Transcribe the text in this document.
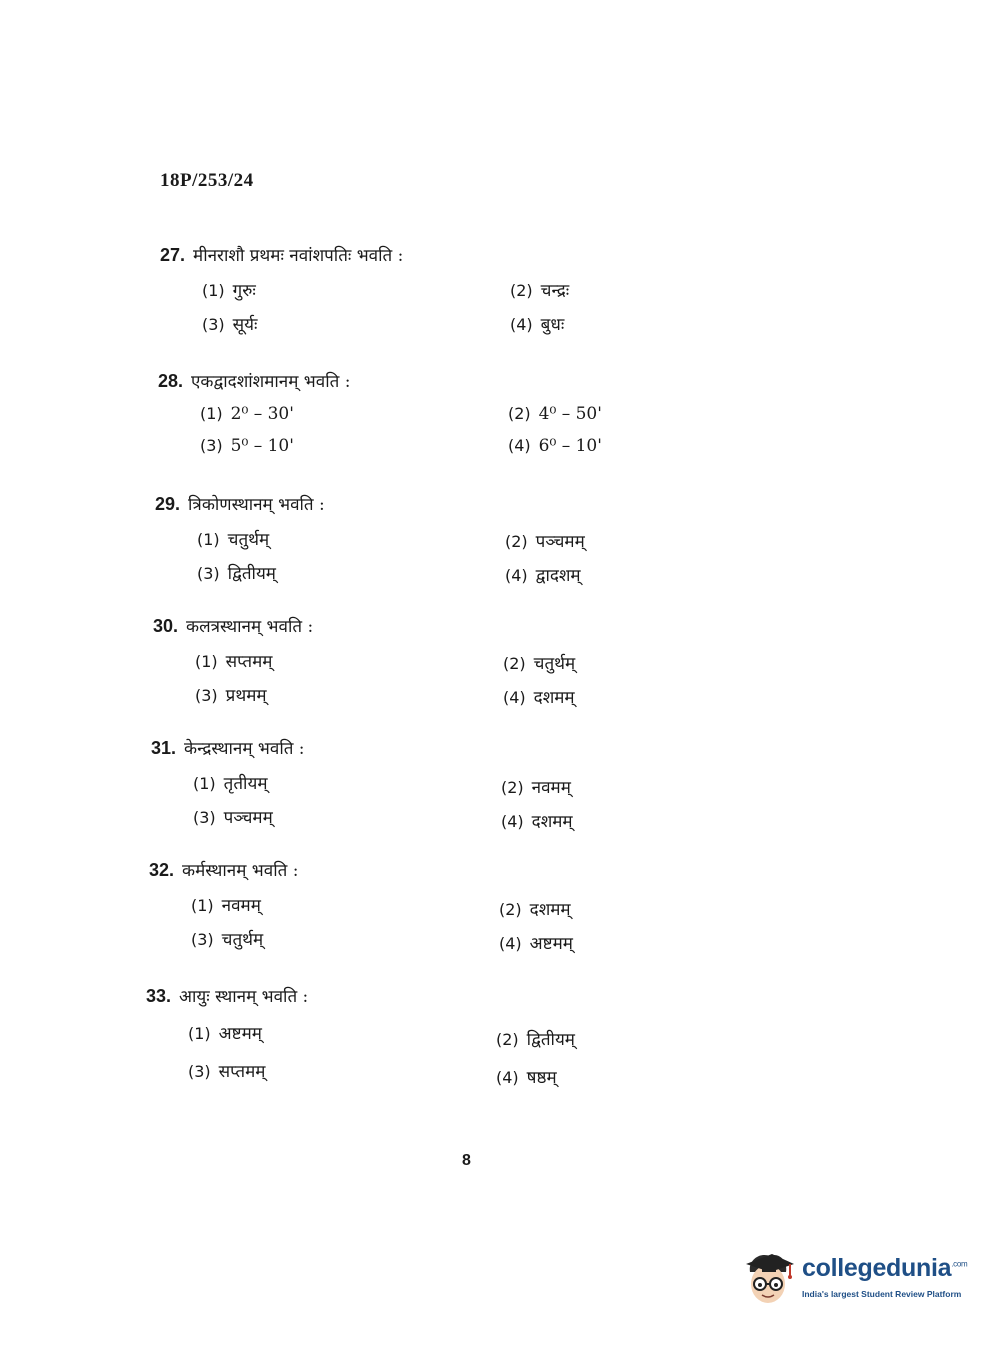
18P/253/24
27. मीनराशौ प्रथमः नवांशपतिः भवति :
(1) गुरुः	(2) चन्द्रः
(3) सूर्यः	(4) बुधः
28. एकद्वादशांशमानम् भवति :
(1) 2⁰ – 30'	(2) 4⁰ – 50'
(3) 5⁰ – 10'	(4) 6⁰ – 10'
29. त्रिकोणस्थानम् भवति :
(1) चतुर्थम्	(2) पञ्चमम्
(3) द्वितीयम्	(4) द्वादशम्
30. कलत्रस्थानम् भवति :
(1) सप्तमम्	(2) चतुर्थम्
(3) प्रथमम्	(4) दशमम्
31. केन्द्रस्थानम् भवति :
(1) तृतीयम्	(2) नवमम्
(3) पञ्चमम्	(4) दशमम्
32. कर्मस्थानम् भवति :
(1) नवमम्	(2) दशमम्
(3) चतुर्थम्	(4) अष्टमम्
33. आयुः स्थानम् भवति :
(1) अष्टमम्	(2) द्वितीयम्
(3) सप्तमम्	(4) षष्ठम्
8
collegedunia$^{.com}$
India's largest Student Review Platform
